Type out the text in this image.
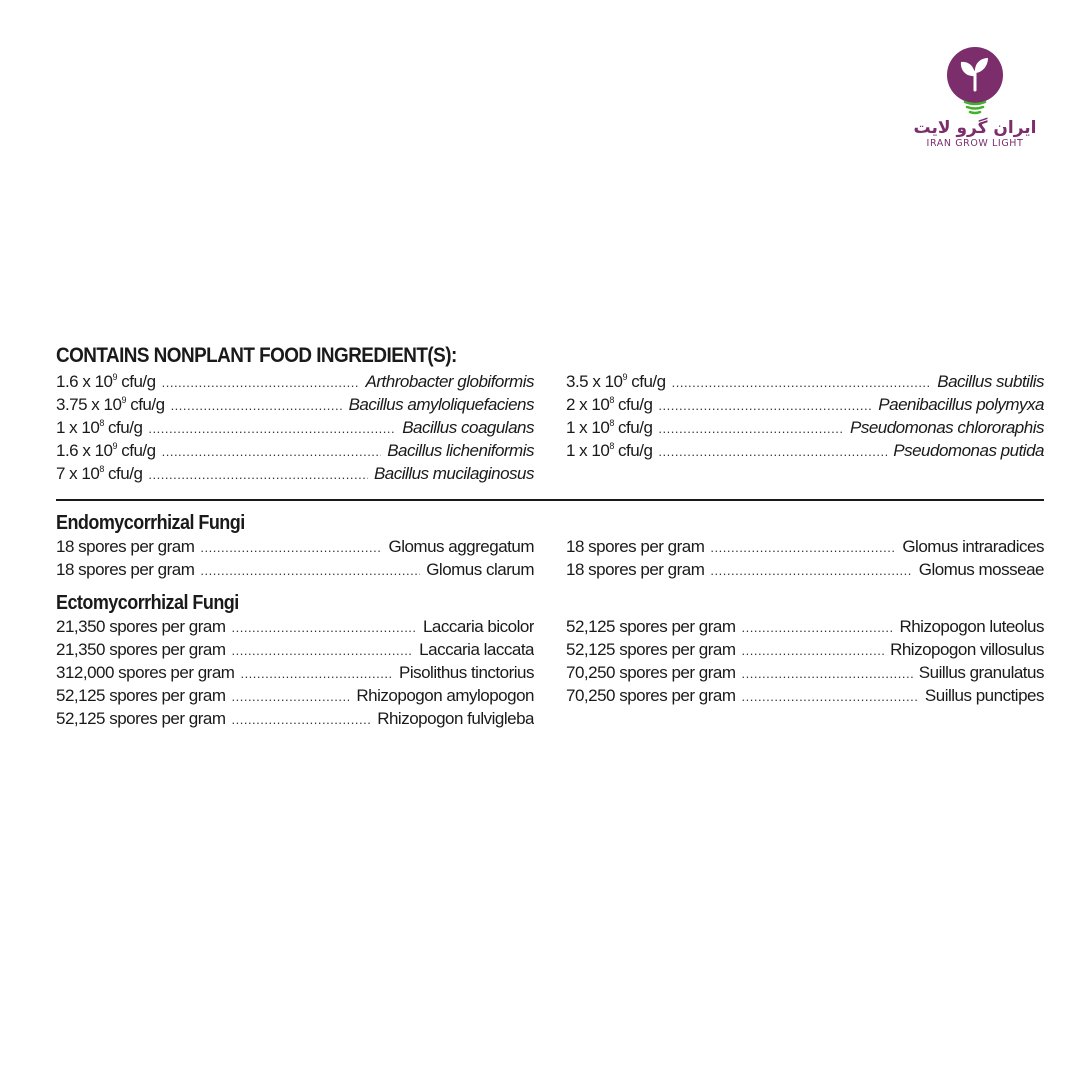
ایران گرو لایت
IRAN GROW LIGHT
CONTAINS NONPLANT FOOD INGREDIENT(S):
1.6 x $10^9$ cfu/g .....	Arthrobacter globiformis
3.75 x $10^9$ cfu/g .....	Bacillus amyloliquefaciens
1 x $10^8$ cfu/g .....	Bacillus coagulans
1.6 x $10^9$ cfu/g .....	Bacillus licheniformis
7 x $10^8$ cfu/g .....	Bacillus mucilaginosus
3.5 x $10^9$ cfu/g .....	Bacillus subtilis
2 x $10^8$ cfu/g .....	Paenibacillus polymyxa
1 x $10^8$ cfu/g .....	Pseudomonas chlororaphis
1 x $10^8$ cfu/g .....	Pseudomonas putida
Endomycorrhizal Fungi
18 spores per gram .....	Glomus aggregatum
18 spores per gram .....	Glomus clarum
18 spores per gram .....	Glomus intraradices
18 spores per gram .....	Glomus mosseae
Ectomycorrhizal Fungi
21,350 spores per gram .....	Laccaria bicolor
21,350 spores per gram .....	Laccaria laccata
312,000 spores per gram .....	Pisolithus tinctorius
52,125 spores per gram .....	Rhizopogon amylopogon
52,125 spores per gram .....	Rhizopogon fulvigleba
52,125 spores per gram .....	Rhizopogon luteolus
52,125 spores per gram .....	Rhizopogon villosulus
70,250 spores per gram .....	Suillus granulatus
70,250 spores per gram .....	Suillus punctipes
